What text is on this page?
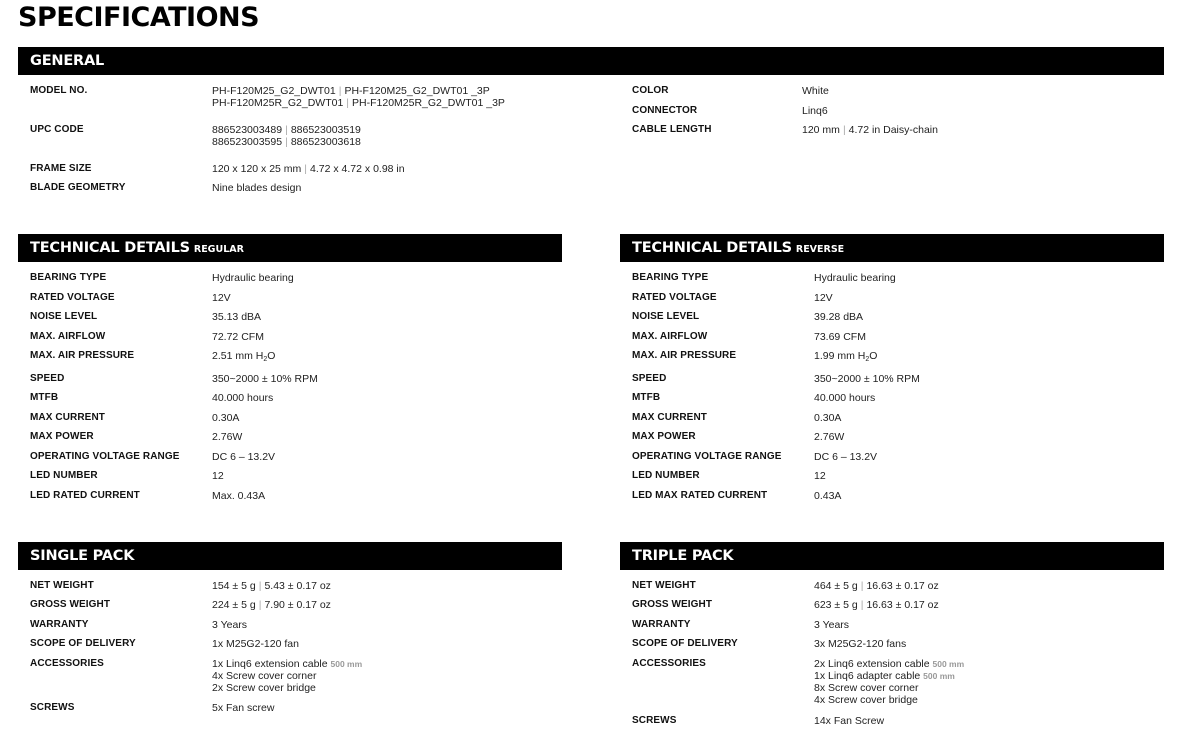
SPECIFICATIONS
GENERAL
MODEL NO.	PH-F120M25_G2_DWT01 | PH-F120M25_G2_DWT01 _3P
PH-F120M25R_G2_DWT01 | PH-F120M25R_G2_DWT01 _3P
UPC CODE	886523003489 | 886523003519
886523003595 | 886523003618
FRAME SIZE	120 x 120 x 25 mm | 4.72 x 4.72 x 0.98 in
BLADE GEOMETRY	Nine blades design
COLOR	White
CONNECTOR	Linq6
CABLE LENGTH	120 mm | 4.72 in Daisy-chain
TECHNICAL DETAILS REGULAR
BEARING TYPE	Hydraulic bearing
RATED VOLTAGE	12V
NOISE LEVEL	35.13 dBA
MAX. AIRFLOW	72.72 CFM
MAX. AIR PRESSURE	2.51 mm $H_2O$
SPEED	350~2000 ± 10% RPM
MTFB	40.000 hours
MAX CURRENT	0.30A
MAX POWER	2.76W
OPERATING VOLTAGE RANGE	DC 6 – 13.2V
LED NUMBER	12
LED RATED CURRENT	Max. 0.43A
TECHNICAL DETAILS REVERSE
BEARING TYPE	Hydraulic bearing
RATED VOLTAGE	12V
NOISE LEVEL	39.28 dBA
MAX. AIRFLOW	73.69 CFM
MAX. AIR PRESSURE	1.99 mm $H_2O$
SPEED	350~2000 ± 10% RPM
MTFB	40.000 hours
MAX CURRENT	0.30A
MAX POWER	2.76W
OPERATING VOLTAGE RANGE	DC 6 – 13.2V
LED NUMBER	12
LED MAX RATED CURRENT	0.43A
SINGLE PACK
NET WEIGHT	154 ± 5 g | 5.43 ± 0.17 oz
GROSS WEIGHT	224 ± 5 g | 7.90 ± 0.17 oz
WARRANTY	3 Years
SCOPE OF DELIVERY	1x M25G2-120 fan
ACCESSORIES	1x Linq6 extension cable 500 mm
4x Screw cover corner
2x Screw cover bridge
SCREWS	5x Fan screw
TRIPLE PACK
NET WEIGHT	464 ± 5 g | 16.63 ± 0.17 oz
GROSS WEIGHT	623 ± 5 g | 16.63 ± 0.17 oz
WARRANTY	3 Years
SCOPE OF DELIVERY	3x M25G2-120 fans
ACCESSORIES	2x Linq6 extension cable 500 mm
1x Linq6 adapter cable 500 mm
8x Screw cover corner
4x Screw cover bridge
SCREWS	14x Fan Screw
